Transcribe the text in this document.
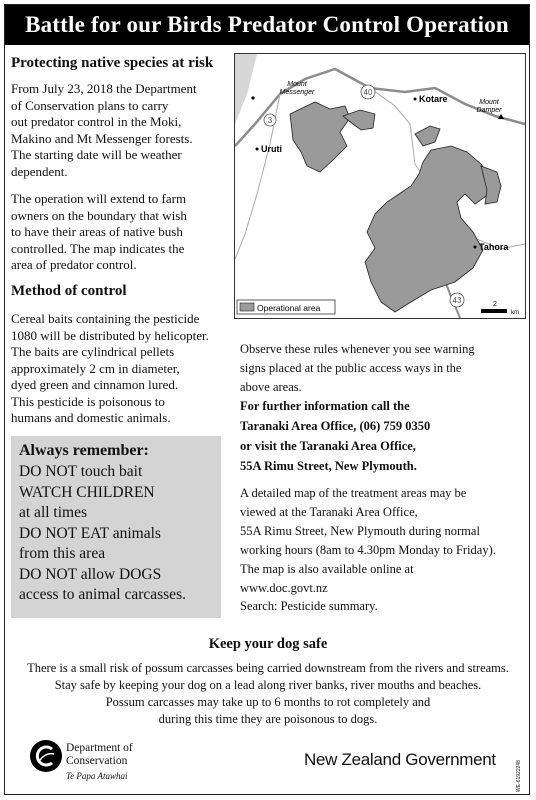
Battle for our Birds Predator Control Operation
Protecting native species at risk
From July 23, 2018 the Department
of Conservation plans to carry
out predator control in the Moki,
Makino and Mt Messenger forests.
The starting date will be weather
dependent.
The operation will extend to farm
owners on the boundary that wish
to have their areas of native bush
controlled. The map indicates the
area of predator control.
Method of control
Cereal baits containing the pesticide
1080 will be distributed by helicopter.
The baits are cylindrical pellets
approximately 2 cm in diameter,
dyed green and cinnamon lured.
This pesticide is poisonous to
humans and domestic animals.
Always remember:
DO NOT touch bait
WATCH CHILDREN
at all times
DO NOT EAT animals
from this area
DO NOT allow DOGS
access to animal carcasses.
40
3
43
Mount Messenger
Kotare	Mount Damper
Uruti
Tahora
Operational area	2
km
Observe these rules whenever you see warning
signs placed at the public access ways in the
above areas.
For further information call the
Taranaki Area Office, (06) 759 0350
or visit the Taranaki Area Office,
55A Rimu Street, New Plymouth.
A detailed map of the treatment areas may be
viewed at the Taranaki Area Office,
55A Rimu Street, New Plymouth during normal
working hours (8am to 4.30pm Monday to Friday).
The map is also available online at
www.doc.govt.nz
Search: Pesticide summary.
Keep your dog safe
There is a small risk of possum carcasses being carried downstream from the rivers and streams.
Stay safe by keeping your dog on a lead along river banks, river mouths and beaches.
Possum carcasses may take up to 6 months to rot completely and
during this time they are poisonous to dogs.
Department of
Conservation
Te Papa Atawhai
New Zealand Government
WE-61922248
